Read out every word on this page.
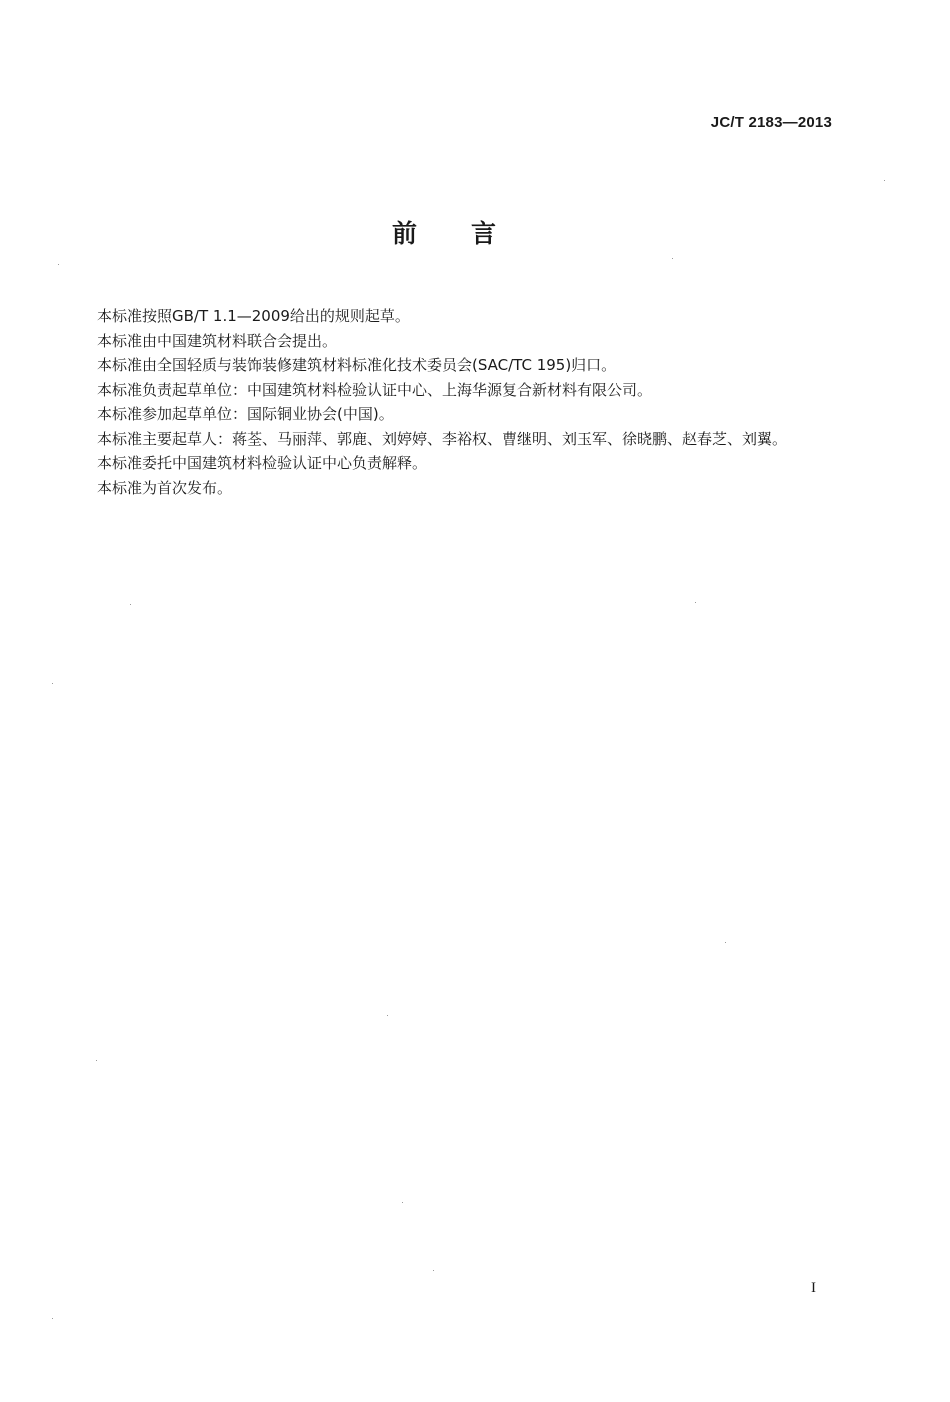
JC/T 2183—2013
前 言

本标准按照GB/T 1.1—2009给出的规则起草。

本标准由中国建筑材料联合会提出。

本标准由全国轻质与装饰装修建筑材料标准化技术委员会(SAC/TC 195)归口。

本标准负责起草单位：中国建筑材料检验认证中心、上海华源复合新材料有限公司。

本标准参加起草单位：国际铜业协会(中国)。

本标准主要起草人：蒋荃、马丽萍、郭鹿、刘婷婷、李裕权、曹继明、刘玉军、徐晓鹏、赵春芝、刘翼。

本标准委托中国建筑材料检验认证中心负责解释。

本标准为首次发布。

I
